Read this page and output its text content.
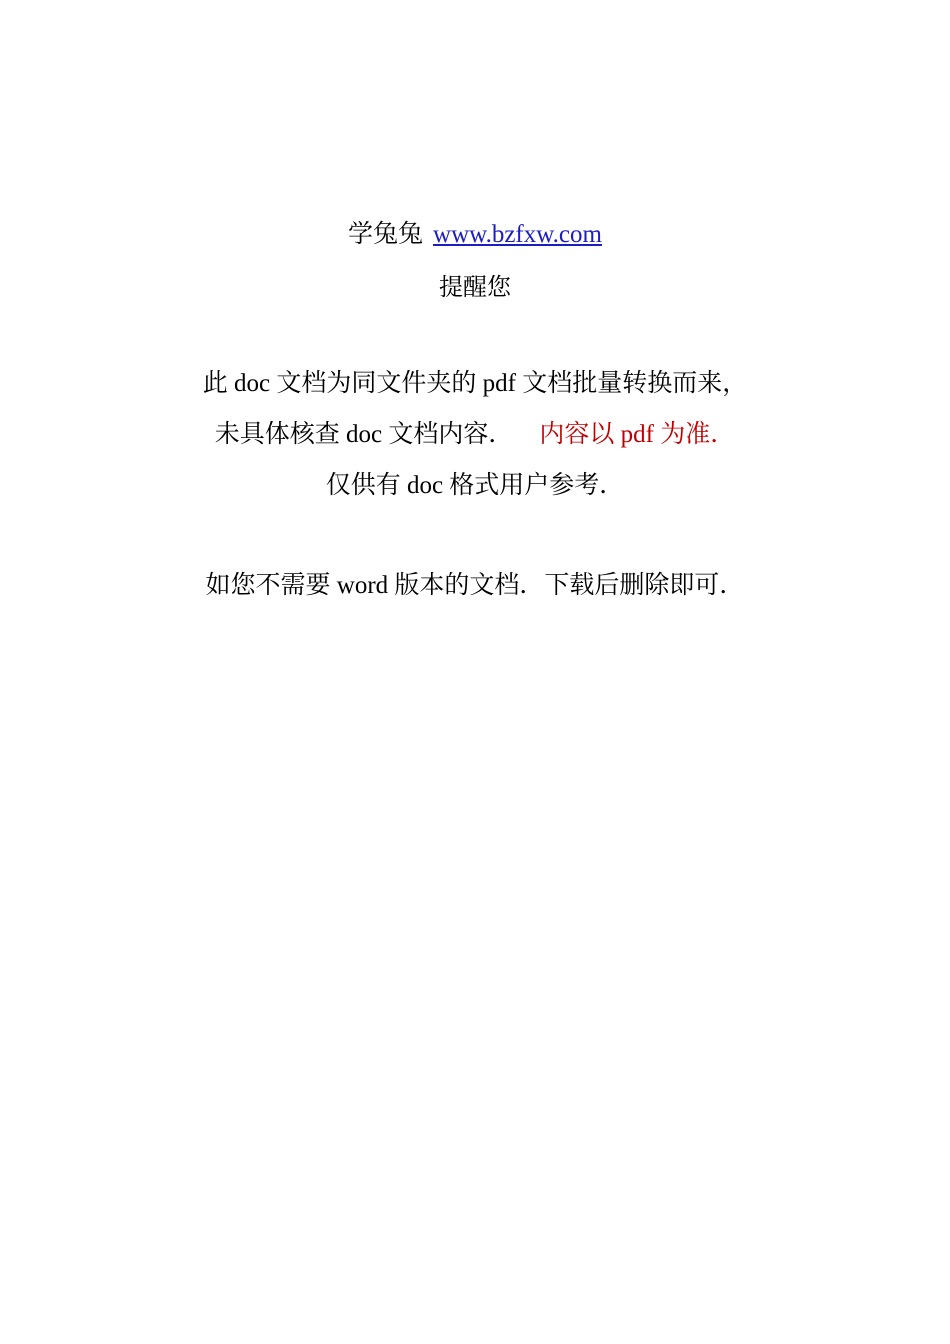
学兔兔 www.bzfxw.com
提醒您
此 doc 文档为同文件夹的 pdf 文档批量转换而来，
未具体核查 doc 文档内容． 内容以 pdf 为准．
仅供有 doc 格式用户参考．
如您不需要 word 版本的文档．下载后删除即可．
